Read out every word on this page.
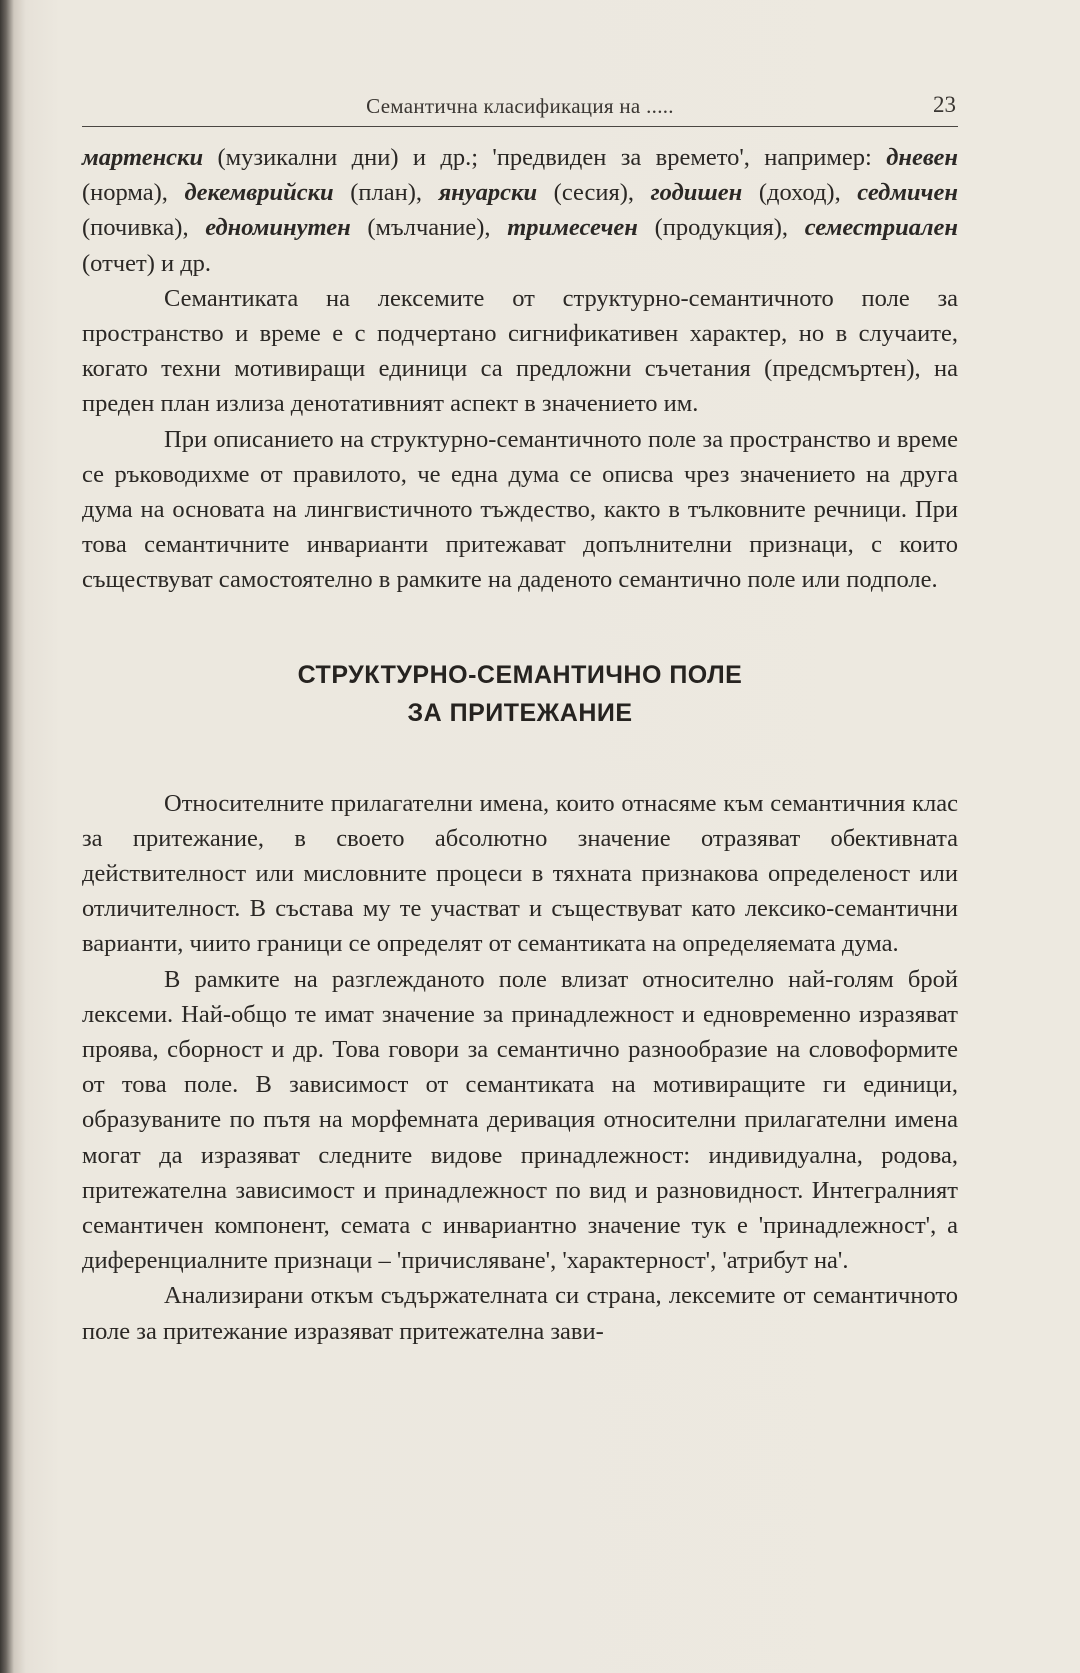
Семантична класификация на .....	23

мартенски (музикални дни) и др.; 'предвиден за времето', например: дневен (норма), декемврийски (план), януарски (сесия), годишен (доход), седмичен (почивка), едноминутен (мълчание), тримесечен (продукция), семестриален (отчет) и др.

Семантиката на лексемите от структурно-семантичното поле за пространство и време е с подчертано сигнификативен характер, но в случаите, когато техни мотивиращи единици са предложни съчетания (предсмъртен), на преден план излиза денотативният аспект в значението им.

При описанието на структурно-семантичното поле за пространство и време се ръководихме от правилото, че една дума се описва чрез значението на друга дума на основата на лингвистичното тъждество, както в тълковните речници. При това семантичните инварианти притежават допълнителни признаци, с които съществуват самостоятелно в рамките на даденото семантично поле или подполе.

СТРУКТУРНО-СЕМАНТИЧНО ПОЛЕ
ЗА ПРИТЕЖАНИЕ

Относителните прилагателни имена, които отнасяме към семантичния клас за притежание, в своето абсолютно значение отразяват обективната действителност или мисловните процеси в тяхната признакова определеност или отличителност. В състава му те участват и съществуват като лексико-семантични варианти, чиито граници се определят от семантиката на определяемата дума.

В рамките на разглежданото поле влизат относително най-голям брой лексеми. Най-общо те имат значение за принадлежност и едновременно изразяват проява, сборност и др. Това говори за семантично разнообразие на словоформите от това поле. В зависимост от семантиката на мотивиращите ги единици, образуваните по пътя на морфемната деривация относителни прилагателни имена могат да изразяват следните видове принадлежност: индивидуална, родова, притежателна зависимост и принадлежност по вид и разновидност. Интегралният семантичен компонент, семата с инвариантно значение тук е 'принадлежност', а диференциалните признаци – 'причисляване', 'характерност', 'атрибут на'.

Анализирани откъм съдържателната си страна, лексемите от семантичното поле за притежание изразяват притежателна зави-
